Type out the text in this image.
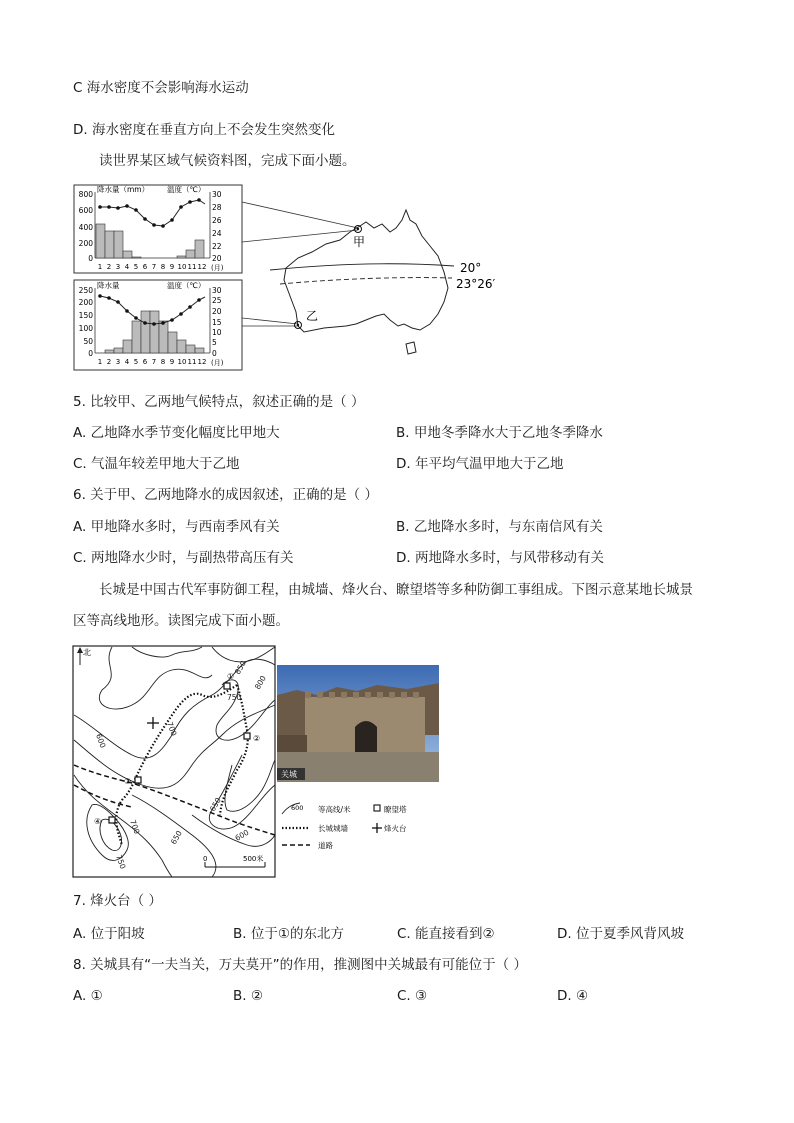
C 海水密度不会影响海水运动
D. 海水密度在垂直方向上不会发生突然变化
读世界某区域气候资料图，完成下面小题。
降水量（mm） 温度（℃）
800
600
400
200
0
30
28
26
24
22
20
1 2 3 4 5 6 7 8 9 10 11 12 (月)
降水量	温度（℃）
250
200
150
100
50
0
30
25
20
15
10
5
0
1 2 3 4 5 6 7 8 9 10 11 12 (月)
20°
23°26′
甲
乙
5. 比较甲、乙两地气候特点，叙述正确的是（ ）
A. 乙地降水季节变化幅度比甲地大	B. 甲地冬季降水大于乙地冬季降水
C. 气温年较差甲地大于乙地	D. 年平均气温甲地大于乙地
6. 关于甲、乙两地降水的成因叙述，正确的是（ ）
A. 甲地降水多时，与西南季风有关	B. 乙地降水多时，与东南信风有关
C. 两地降水少时，与副热带高压有关	D. 两地降水多时，与风带移动有关
长城是中国古代军事防御工程，由城墙、烽火台、瞭望塔等多种防御工事组成。下图示意某地长城景
区等高线地形。读图完成下面小题。
北
①
②
③
④
850
800
750
700
700
650
650
600
600
750	0	500米
关城
600 等高线/米	瞭望塔
长城城墙	烽火台
道路
7. 烽火台（ ）
A. 位于阳坡	B. 位于①的东北方	C. 能直接看到②	D. 位于夏季风背风坡
8. 关城具有“一夫当关，万夫莫开”的作用，推测图中关城最有可能位于（ ）
A. ①	B. ②	C. ③	D. ④
